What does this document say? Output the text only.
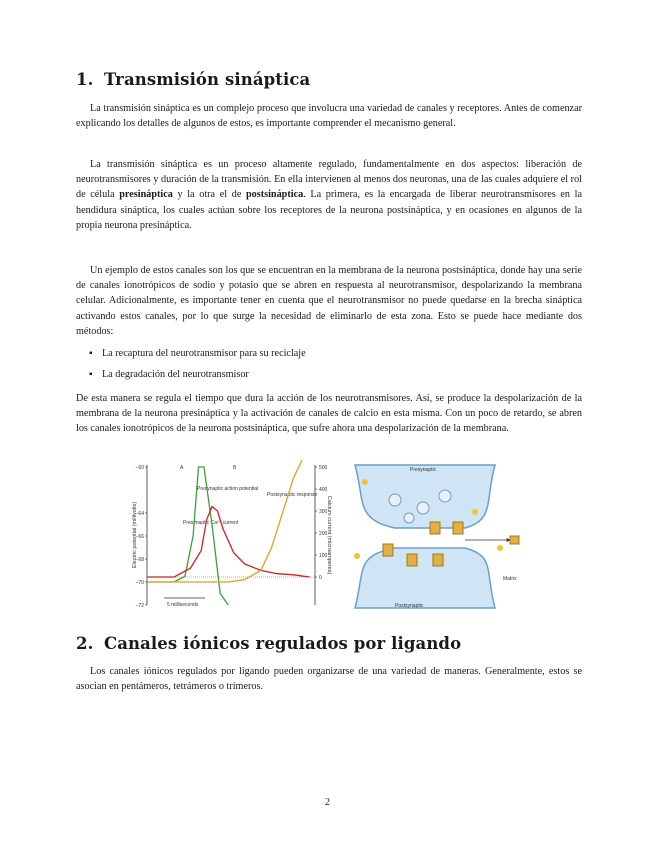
1. Transmisión sináptica

La transmisión sináptica es un complejo proceso que involucra una variedad de canales y receptores. Antes de comenzar explicando los detalles de algunos de estos, es importante comprender el mecanismo general.

La transmisión sináptica es un proceso altamente regulado, fundamentalmente en dos aspectos: liberación de neurotransmisores y duración de la transmisión. En ella intervienen al menos dos neuronas, una de las cuales adquiere el rol de célula presináptica y la otra el de postsináptica. La primera, es la encargada de liberar neurotransmisores en la hendidura sináptica, los cuales actúan sobre los receptores de la neurona postsináptica, y en ocasiones en algunos de la propia neurona presináptica.

Un ejemplo de estos canales son los que se encuentran en la membrana de la neurona postsináptica, donde hay una serie de canales ionotrópicos de sodio y potasio que se abren en respuesta al neurotransmisor, despolarizando la membrana celular. Adicionalmente, es importante tener en cuenta que el neurotransmisor no puede quedarse en la brecha sináptica activando estos canales, por lo que surge la necesidad de eliminarlo de esta zona. Esto se puede hace mediante dos métodos:

▪ La recaptura del neurotransmisor para su reciclaje
▪ La degradación del neurotransmisor

De esta manera se regula el tiempo que dura la acción de los neurotransmisores. Así, se produce la despolarización de la membrana de la neurona presináptica y la activación de canales de calcio en esta misma. Con un poco de retardo, se abren los canales ionotrópicos de la neurona postsináptica, que sufre ahora una despolarización de la membrana.

−60
−64
−66
−68
−70
−72
500
400
300
200
100
0
Electric potential (millivolts)	Calcium current (microamperes)
A	B
Presynaptic action potential
Presynaptic Ca²⁺ current
Postsynaptic response
5 milliseconds
Presynaptic
Postsynaptic
Matrix
2. Canales iónicos regulados por ligando

Los canales iónicos regulados por ligando pueden organizarse de una variedad de maneras. Generalmente, estos se asocian en pentámeros, tetrámeros o trímeros.

2
